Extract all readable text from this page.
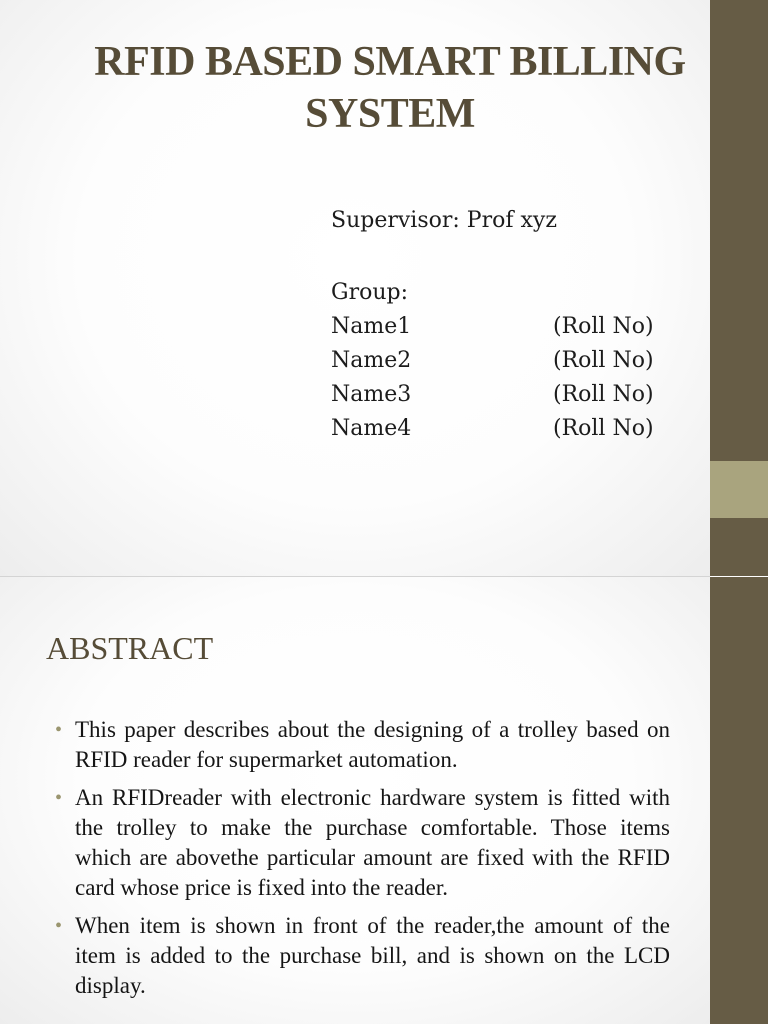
RFID BASED SMART BILLING SYSTEM
Supervisor: Prof xyz
Group:
Name1	(Roll No)
Name2	(Roll No)
Name3	(Roll No)
Name4	(Roll No)
ABSTRACT
• This paper describes about the designing of a trolley based on RFID reader for supermarket automation.
• An RFIDreader with electronic hardware system is fitted with the trolley to make the purchase comfortable. Those items which are abovethe particular amount are fixed with the RFID card whose price is fixed into the reader.
• When item is shown in front of the reader,the amount of the item is added to the purchase bill, and is shown on the LCD display.
